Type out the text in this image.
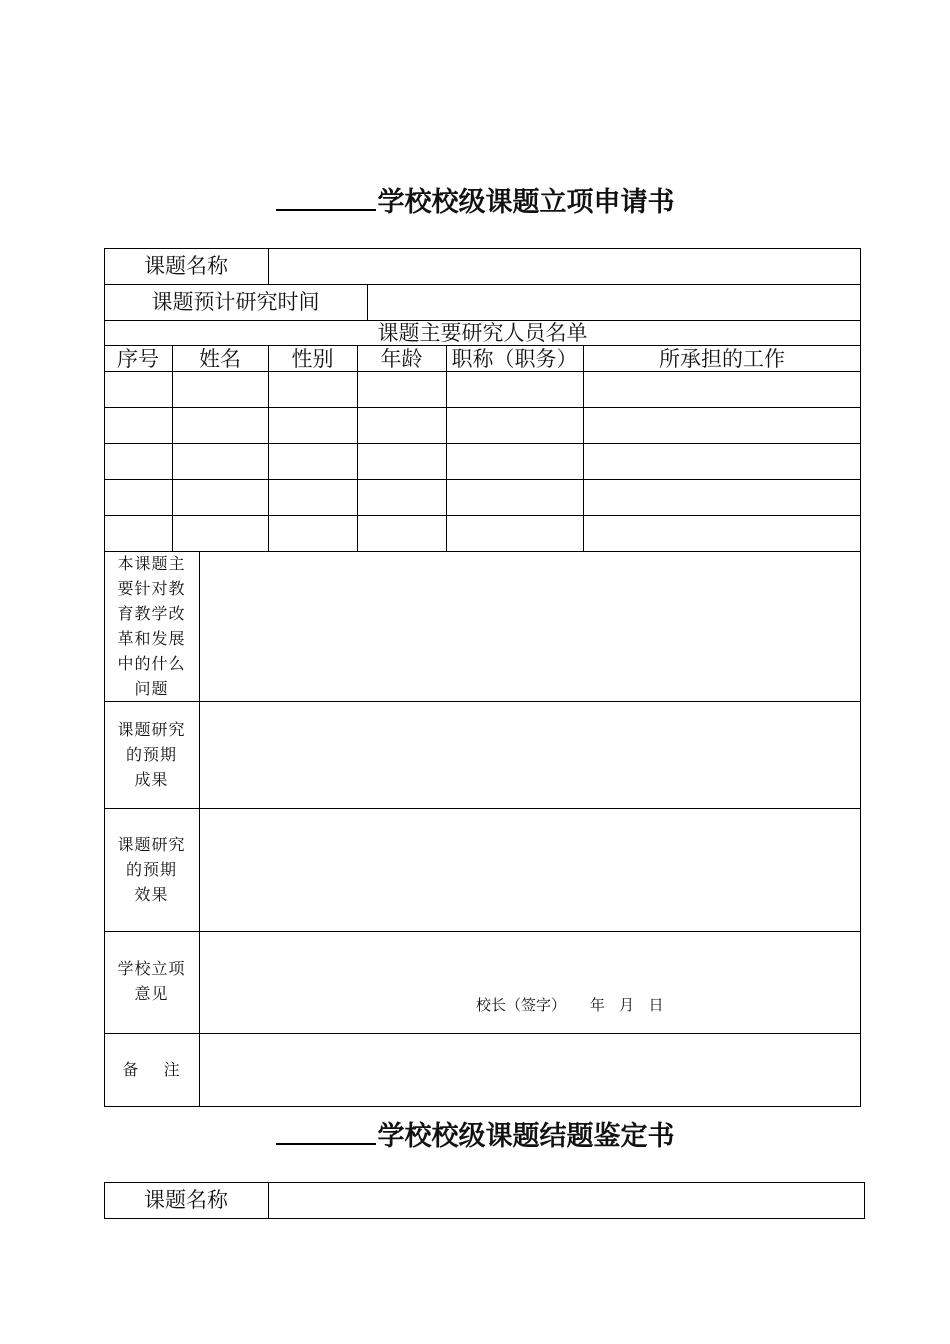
学校校级课题立项申请书
课题名称
课题预计研究时间
课题主要研究人员名单
序号	姓名	性别	年龄	职称（职务）	所承担的工作
本课题主
要针对教
育教学改
革和发展
中的什么
问题
课题研究
的预期
成果
课题研究
的预期
效果
学校立项
意见
校长（签字）     年   月   日
备    注
学校校级课题结题鉴定书
课题名称
